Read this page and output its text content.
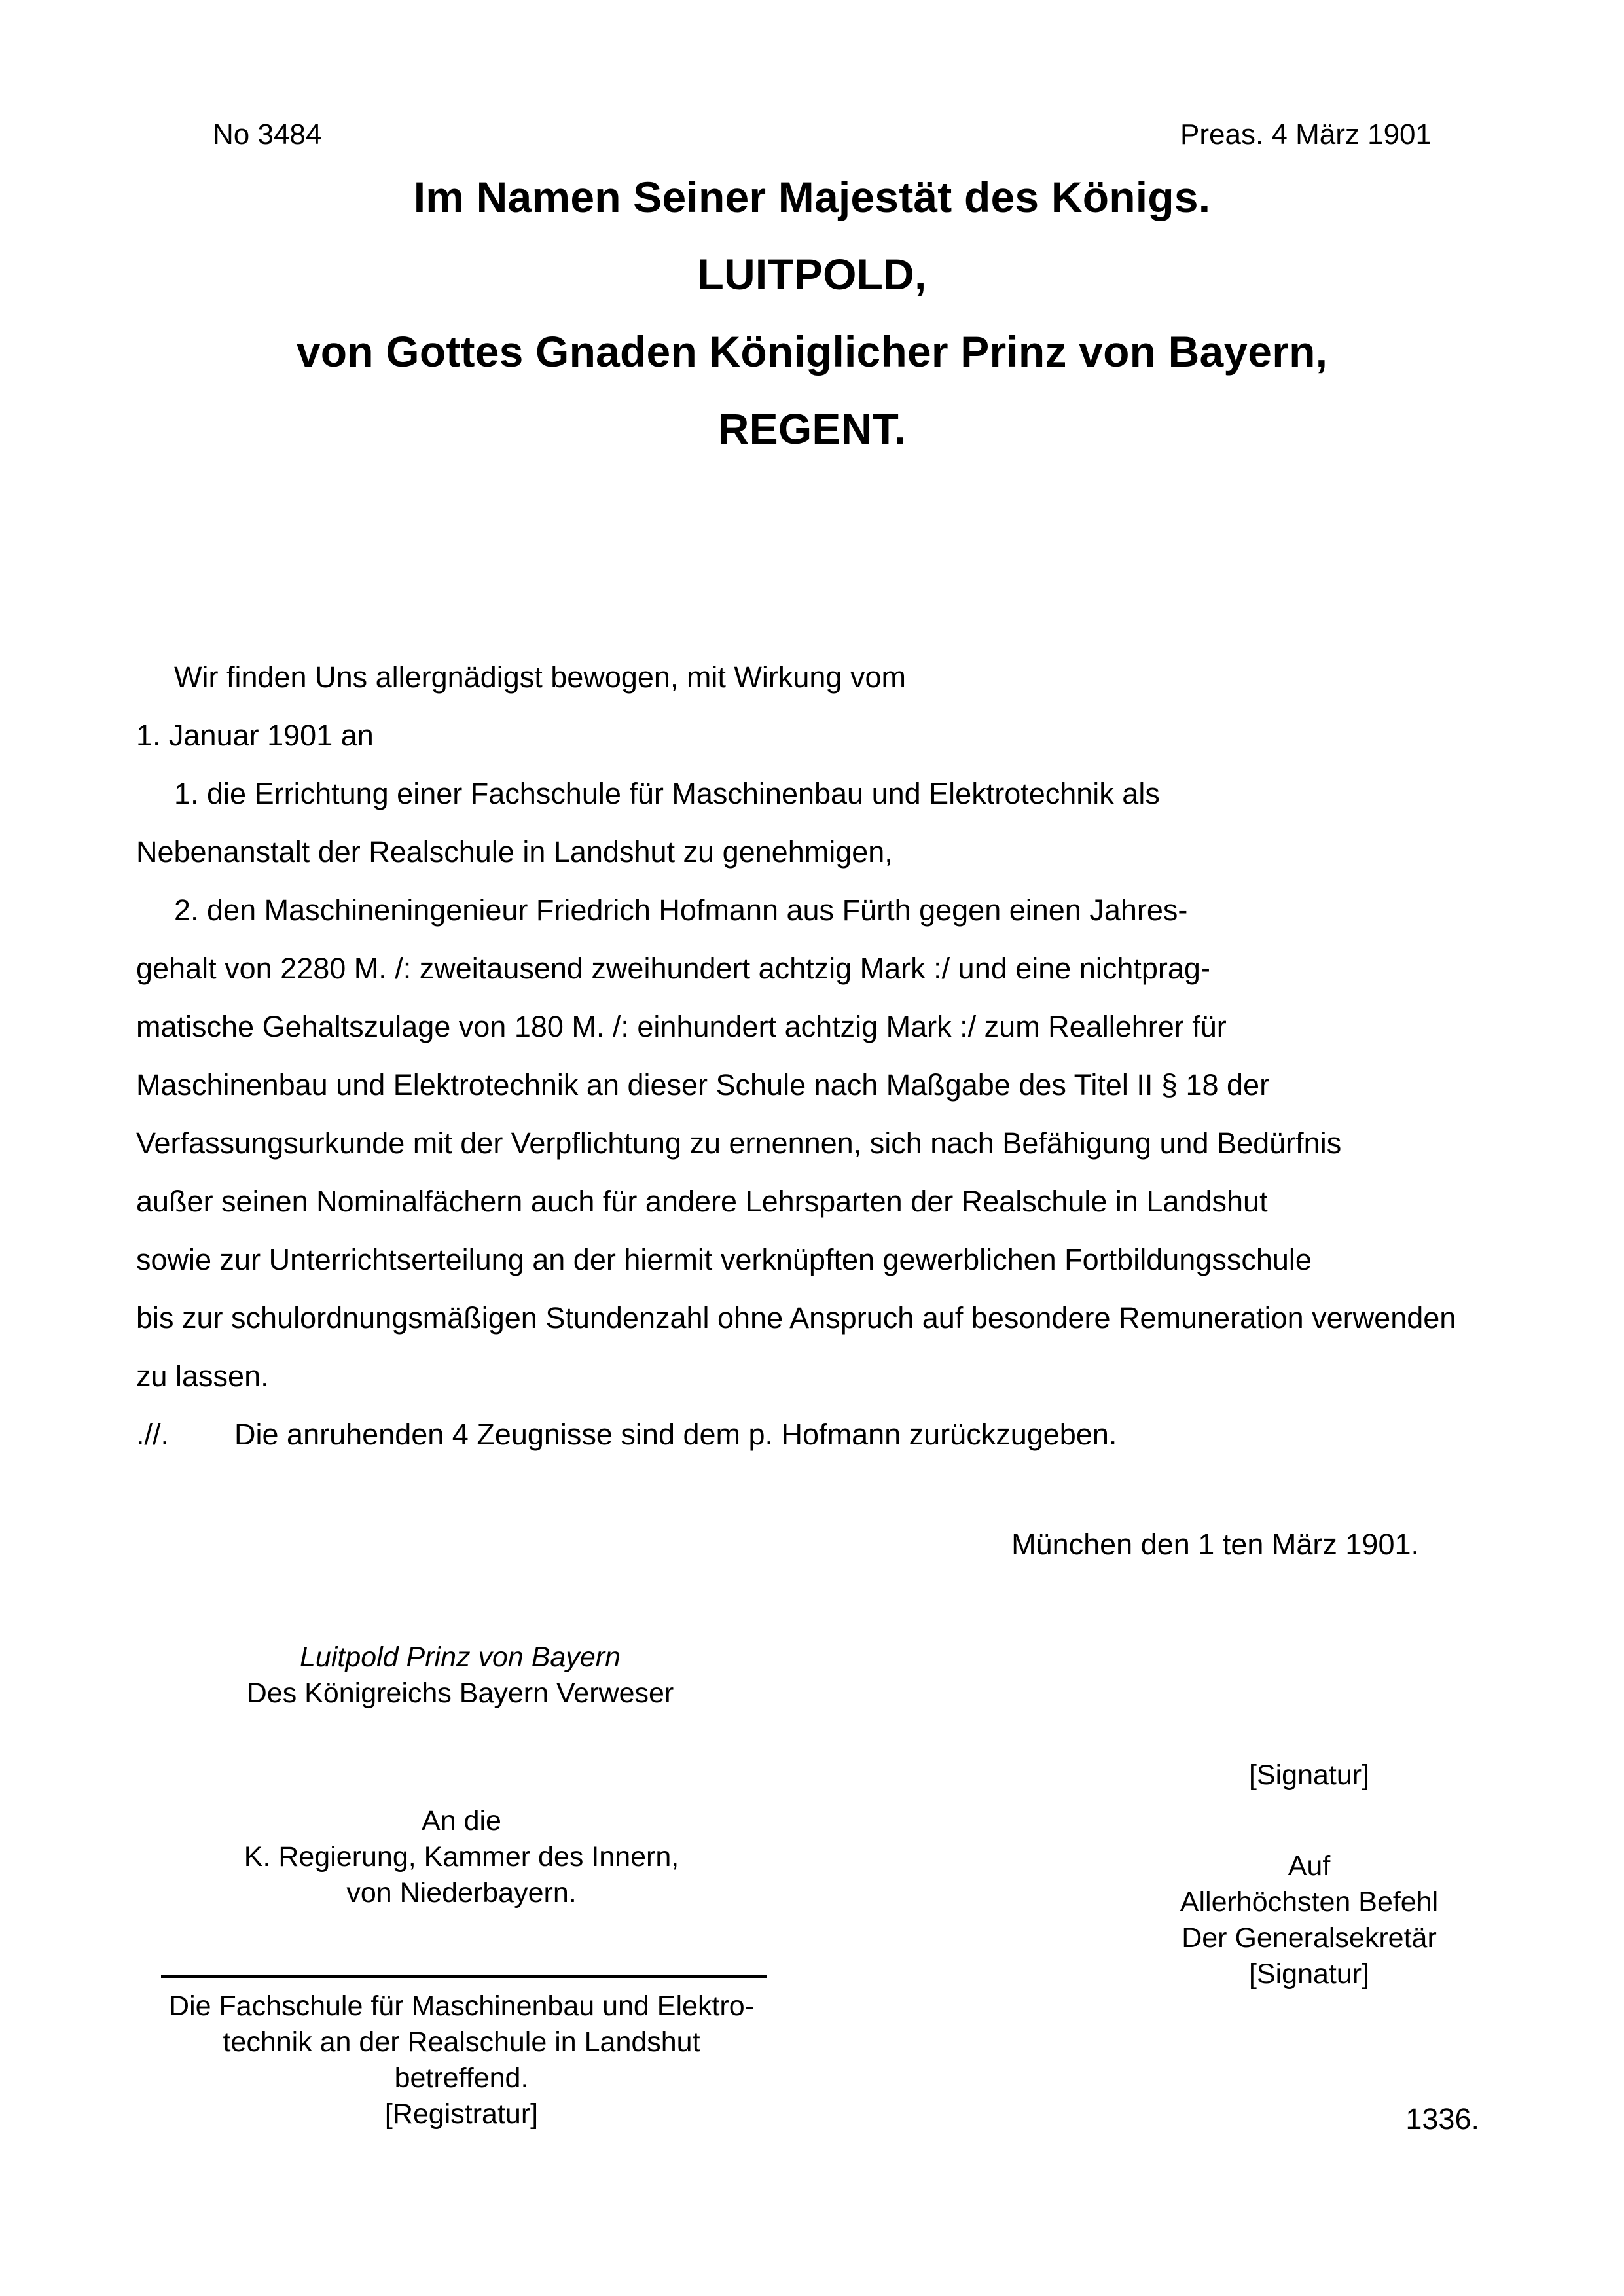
No 3484	Preas. 4 März 1901
Im Namen Seiner Majestät des Königs.
LUITPOLD,
von Gottes Gnaden Königlicher Prinz von Bayern,
REGENT.
Wir finden Uns allergnädigst bewogen, mit Wirkung vom
1. Januar 1901 an
1. die Errichtung einer Fachschule für Maschinenbau und Elektrotechnik als
Nebenanstalt der Realschule in Landshut zu genehmigen,
2. den Maschineningenieur Friedrich Hofmann aus Fürth gegen einen Jahres-
gehalt von 2280 M. /: zweitausend zweihundert achtzig Mark :/ und eine nichtprag-
matische Gehaltszulage von 180 M. /: einhundert achtzig Mark :/ zum Reallehrer für
Maschinenbau und Elektrotechnik an dieser Schule nach Maßgabe des Titel II § 18 der
Verfassungsurkunde mit der Verpflichtung zu ernennen, sich nach Befähigung und Bedürfnis
außer seinen Nominalfächern auch für andere Lehrsparten der Realschule in Landshut
sowie zur Unterrichtserteilung an der hiermit verknüpften gewerblichen Fortbildungsschule
bis zur schulordnungsmäßigen Stundenzahl ohne Anspruch auf besondere Remuneration verwenden
zu lassen.
.//.        Die anruhenden 4 Zeugnisse sind dem p. Hofmann zurückzugeben.
München den 1 ten März 1901.
Luitpold Prinz von Bayern
Des Königreichs Bayern Verweser
[Signatur]
Auf
Allerhöchsten Befehl
Der Generalsekretär
[Signatur]
An die
K. Regierung, Kammer des Innern,
von Niederbayern.
Die Fachschule für Maschinenbau und Elektro-
technik an der Realschule in Landshut
betreffend.
[Registratur]	1336.
